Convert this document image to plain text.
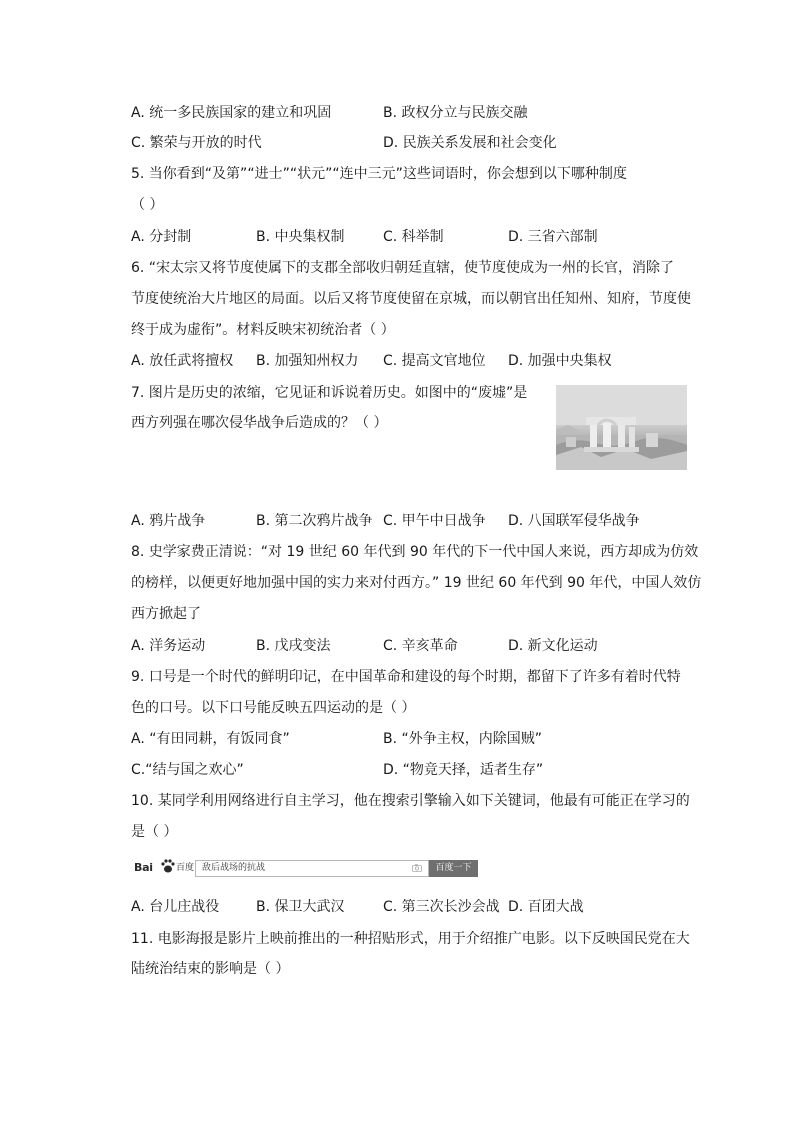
A. 统一多民族国家的建立和巩固	B. 政权分立与民族交融
C. 繁荣与开放的时代	D. 民族关系发展和社会变化
5. 当你看到“及第”“进士”“状元”“连中三元”这些词语时，你会想到以下哪种制度
（ ）
A. 分封制	B. 中央集权制	C. 科举制	D. 三省六部制
6. “宋太宗又将节度使属下的支郡全部收归朝廷直辖，使节度使成为一州的长官，消除了
节度使统治大片地区的局面。以后又将节度使留在京城，而以朝官出任知州、知府，节度使
终于成为虚衔”。材料反映宋初统治者（ ）
A. 放任武将擅权 B. 加强知州权力 C. 提高文官地位 D. 加强中央集权
7. 图片是历史的浓缩，它见证和诉说着历史。如图中的“废墟”是
西方列强在哪次侵华战争后造成的？（ ）
A. 鸦片战争	B. 第二次鸦片战争 C. 甲午中日战争 D. 八国联军侵华战争
8. 史学家费正清说：“对 19 世纪 60 年代到 90 年代的下一代中国人来说，西方却成为仿效
的榜样，以便更好地加强中国的实力来对付西方。” 19 世纪 60 年代到 90 年代，中国人效仿
西方掀起了
A. 洋务运动	B. 戊戌变法	C. 辛亥革命	D. 新文化运动
9. 口号是一个时代的鲜明印记，在中国革命和建设的每个时期，都留下了许多有着时代特
色的口号。以下口号能反映五四运动的是（ ）
A. “有田同耕，有饭同食”	B. “外争主权，内除国贼”
C.“结与国之欢心”	D. “物竞天择，适者生存”
10. 某同学利用网络进行自主学习，他在搜索引擎输入如下关键词，他最有可能正在学习的
是（ ）
Bai	百度 敌后战场的抗战	百度一下
A. 台儿庄战役	B. 保卫大武汉	C. 第三次长沙会战 D. 百团大战
11. 电影海报是影片上映前推出的一种招贴形式，用于介绍推广电影。以下反映国民党在大
陆统治结束的影响是（ ）
